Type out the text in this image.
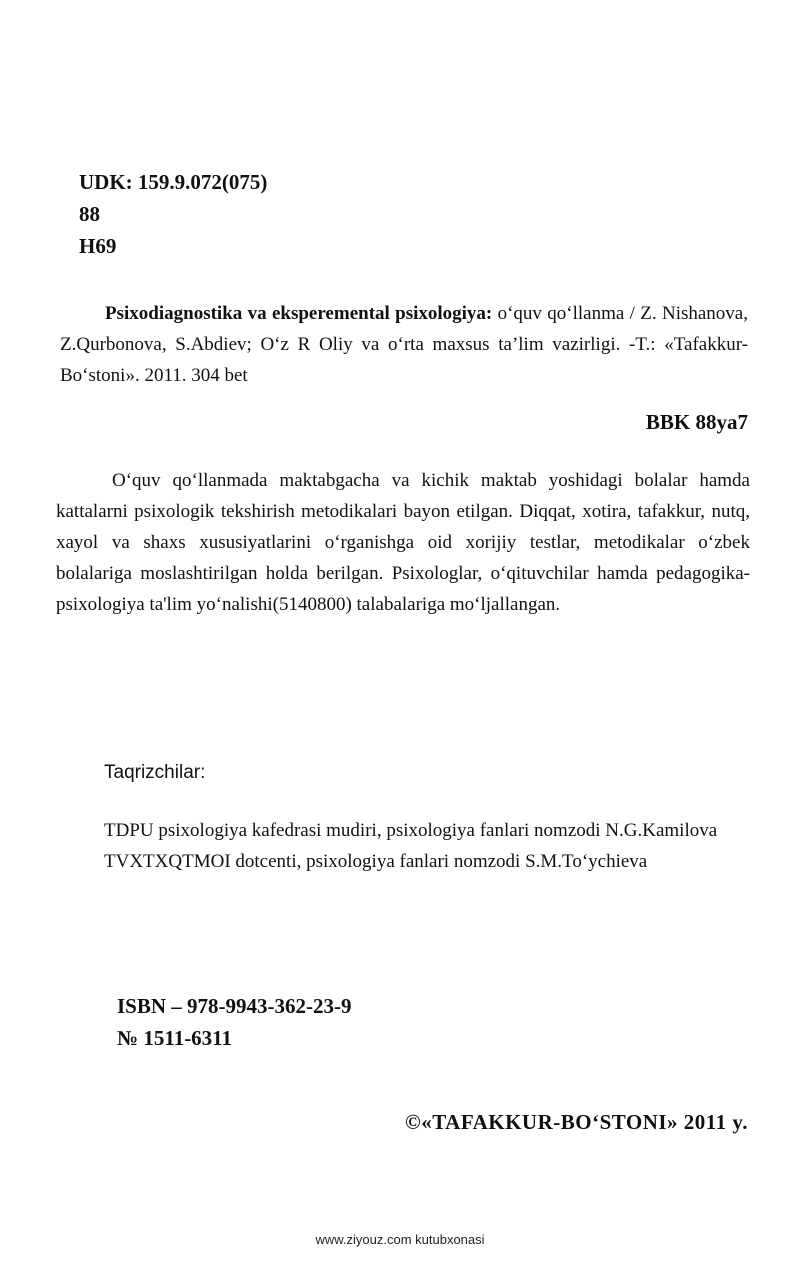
UDK: 159.9.072(075)
88
H69
Psixodiagnostika va eksperemental psixologiya: o‘quv qo‘llanma / Z. Nishanova, Z.Qurbonova, S.Abdiev; O‘z R Oliy va o‘rta maxsus ta’lim vazirligi. -T.: «Tafakkur-Bo‘stoni». 2011. 304 bet
BBK 88ya7
O‘quv qo‘llanmada maktabgacha va kichik maktab yoshidagi bolalar hamda kattalarni psixologik tekshirish metodikalari bayon etilgan. Diqqat, xotira, tafakkur, nutq, xayol va shaxs xususiyatlarini o‘rganishga oid xorijiy testlar, metodikalar o‘zbek bolalariga moslashtirilgan holda berilgan. Psixologlar, o‘qituvchilar hamda pedagogika-psixologiya ta'lim yo‘nalishi(5140800) talabalariga mo‘ljallangan.
Taqrizchilar:

TDPU psixologiya kafedrasi mudiri, psixologiya fanlari nomzodi N.G.Kamilova

TVXTXQTMOI dotcenti, psixologiya fanlari nomzodi S.M.To‘ychieva

ISBN – 978-9943-362-23-9
№ 1511-6311
©«TAFAKKUR-BO‘STONI» 2011 y.
www.ziyouz.com kutubxonasi
